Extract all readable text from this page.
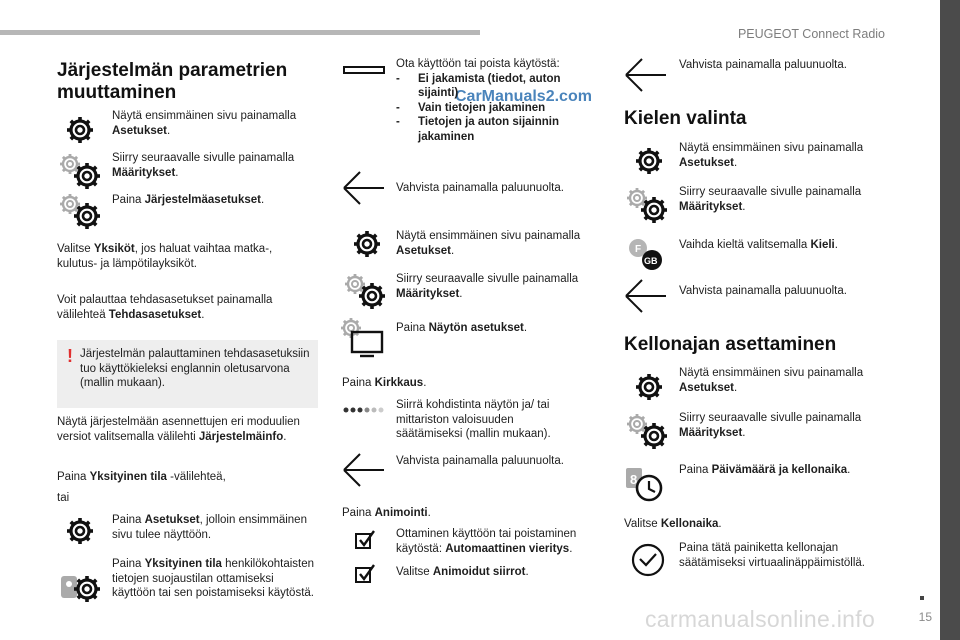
PEUGEOT Connect Radio
15
CarManuals2.com
carmanualsonline.info
Järjestelmän parametrien muuttaminen
Näytä ensimmäinen sivu painamalla Asetukset.
Siirry seuraavalle sivulle painamalla Määritykset.
Paina Järjestelmäasetukset.
Valitse Yksiköt, jos haluat vaihtaa matka-, kulutus- ja lämpötilayksiköt.
Voit palauttaa tehdasasetukset painamalla välilehteä Tehdasasetukset.
! Järjestelmän palauttaminen tehdasasetuksiin tuo käyttökieleksi englannin oletusarvona (mallin mukaan).
Näytä järjestelmään asennettujen eri moduulien versiot valitsemalla välilehti Järjestelmäinfo.
Paina Yksityinen tila -välilehteä,
tai
Paina Asetukset, jolloin ensimmäinen sivu tulee näyttöön.
Paina Yksityinen tila henkilökohtaisten tietojen suojaustilan ottamiseksi käyttöön tai sen poistamiseksi käytöstä.
Ota käyttöön tai poista käytöstä:
- Ei jakamista (tiedot, auton sijainti)
- Vain tietojen jakaminen
- Tietojen ja auton sijainnin jakaminen
Vahvista painamalla paluunuolta.
Näytä ensimmäinen sivu painamalla Asetukset.
Siirry seuraavalle sivulle painamalla Määritykset.
Paina Näytön asetukset.
Paina Kirkkaus.
Siirrä kohdistinta näytön ja/ tai mittariston valoisuuden säätämiseksi (mallin mukaan).
Vahvista painamalla paluunuolta.
Paina Animointi.
Ottaminen käyttöön tai poistaminen käytöstä: Automaattinen vieritys.
Valitse Animoidut siirrot.
Vahvista painamalla paluunuolta.
Kielen valinta
Näytä ensimmäinen sivu painamalla Asetukset.
Siirry seuraavalle sivulle painamalla Määritykset.
F
GB
Vaihda kieltä valitsemalla Kieli.
Vahvista painamalla paluunuolta.
Kellonajan asettaminen
Näytä ensimmäinen sivu painamalla Asetukset.
Siirry seuraavalle sivulle painamalla Määritykset.
8
Paina Päivämäärä ja kellonaika.
Valitse Kellonaika.
Paina tätä painiketta kellonajan säätämiseksi virtuaalinäppäimistöllä.
